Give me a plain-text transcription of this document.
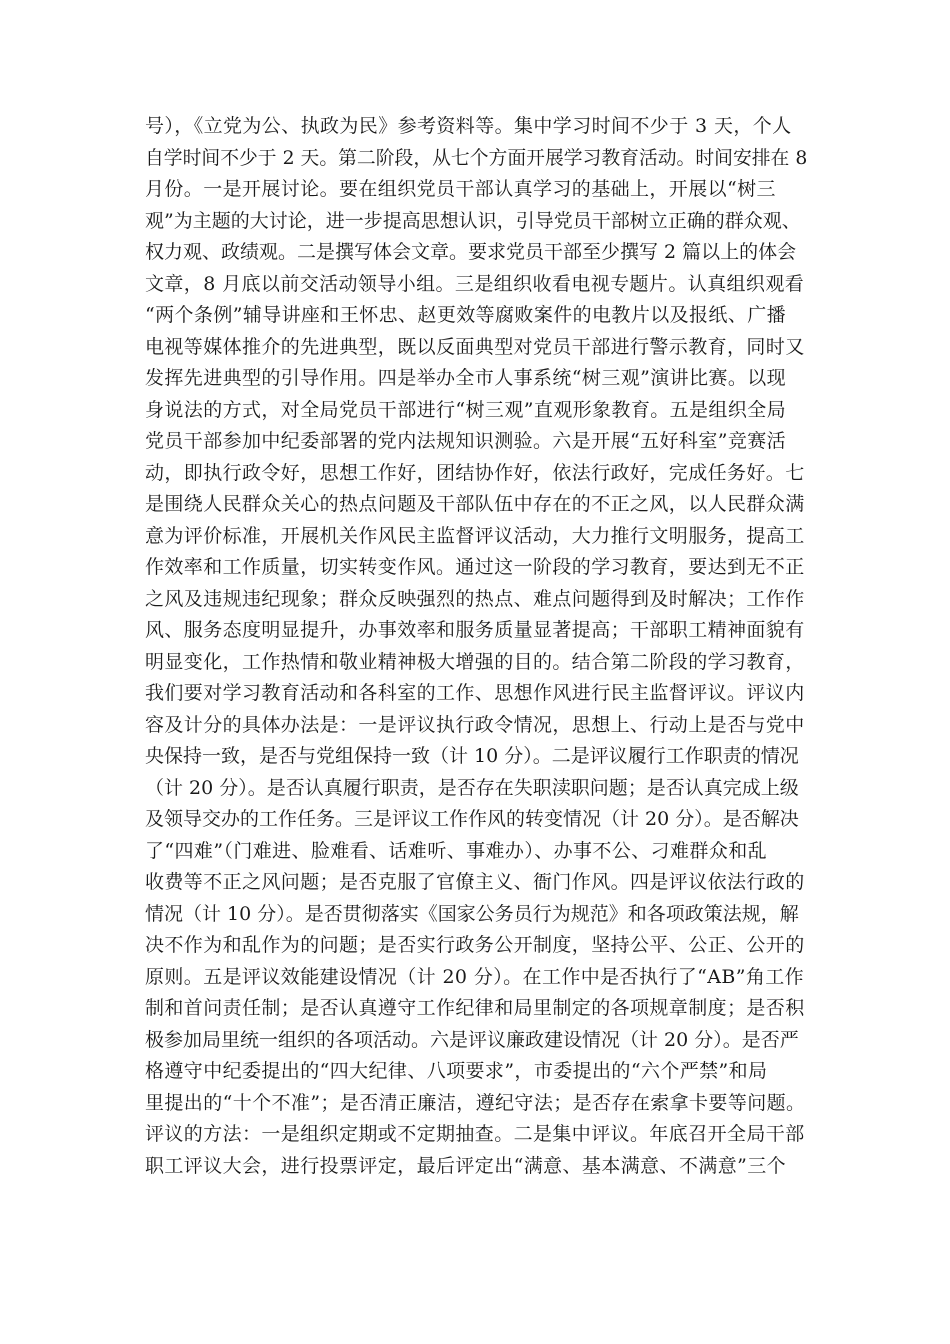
号），《立党为公、执政为民》参考资料等。集中学习时间不少于 3 天，个人
自学时间不少于 2 天。第二阶段，从七个方面开展学习教育活动。时间安排在 8
月份。一是开展讨论。要在组织党员干部认真学习的基础上，开展以“树三
观”为主题的大讨论，进一步提高思想认识，引导党员干部树立正确的群众观、
权力观、政绩观。二是撰写体会文章。要求党员干部至少撰写 2 篇以上的体会
文章，8 月底以前交活动领导小组。三是组织收看电视专题片。认真组织观看
“两个条例”辅导讲座和王怀忠、赵更效等腐败案件的电教片以及报纸、广播
电视等媒体推介的先进典型，既以反面典型对党员干部进行警示教育，同时又
发挥先进典型的引导作用。四是举办全市人事系统“树三观”演讲比赛。以现
身说法的方式，对全局党员干部进行“树三观”直观形象教育。五是组织全局
党员干部参加中纪委部署的党内法规知识测验。六是开展“五好科室”竞赛活
动，即执行政令好，思想工作好，团结协作好，依法行政好，完成任务好。七
是围绕人民群众关心的热点问题及干部队伍中存在的不正之风，以人民群众满
意为评价标准，开展机关作风民主监督评议活动，大力推行文明服务，提高工
作效率和工作质量，切实转变作风。通过这一阶段的学习教育，要达到无不正
之风及违规违纪现象；群众反映强烈的热点、难点问题得到及时解决；工作作
风、服务态度明显提升，办事效率和服务质量显著提高；干部职工精神面貌有
明显变化，工作热情和敬业精神极大增强的目的。结合第二阶段的学习教育，
我们要对学习教育活动和各科室的工作、思想作风进行民主监督评议。评议内
容及计分的具体办法是：一是评议执行政令情况，思想上、行动上是否与党中
央保持一致，是否与党组保持一致（计 10 分）。二是评议履行工作职责的情况
（计 20 分）。是否认真履行职责，是否存在失职渎职问题；是否认真完成上级
及领导交办的工作任务。三是评议工作作风的转变情况（计 20 分）。是否解决
了“四难”（门难进、脸难看、话难听、事难办）、办事不公、刁难群众和乱
收费等不正之风问题；是否克服了官僚主义、衙门作风。四是评议依法行政的
情况（计 10 分）。是否贯彻落实《国家公务员行为规范》和各项政策法规，解
决不作为和乱作为的问题；是否实行政务公开制度，坚持公平、公正、公开的
原则。五是评议效能建设情况（计 20 分）。在工作中是否执行了“AB”角工作
制和首问责任制；是否认真遵守工作纪律和局里制定的各项规章制度；是否积
极参加局里统一组织的各项活动。六是评议廉政建设情况（计 20 分）。是否严
格遵守中纪委提出的“四大纪律、八项要求”，市委提出的“六个严禁”和局
里提出的“十个不准”；是否清正廉洁，遵纪守法；是否存在索拿卡要等问题。
评议的方法：一是组织定期或不定期抽查。二是集中评议。年底召开全局干部
职工评议大会，进行投票评定，最后评定出“满意、基本满意、不满意”三个
